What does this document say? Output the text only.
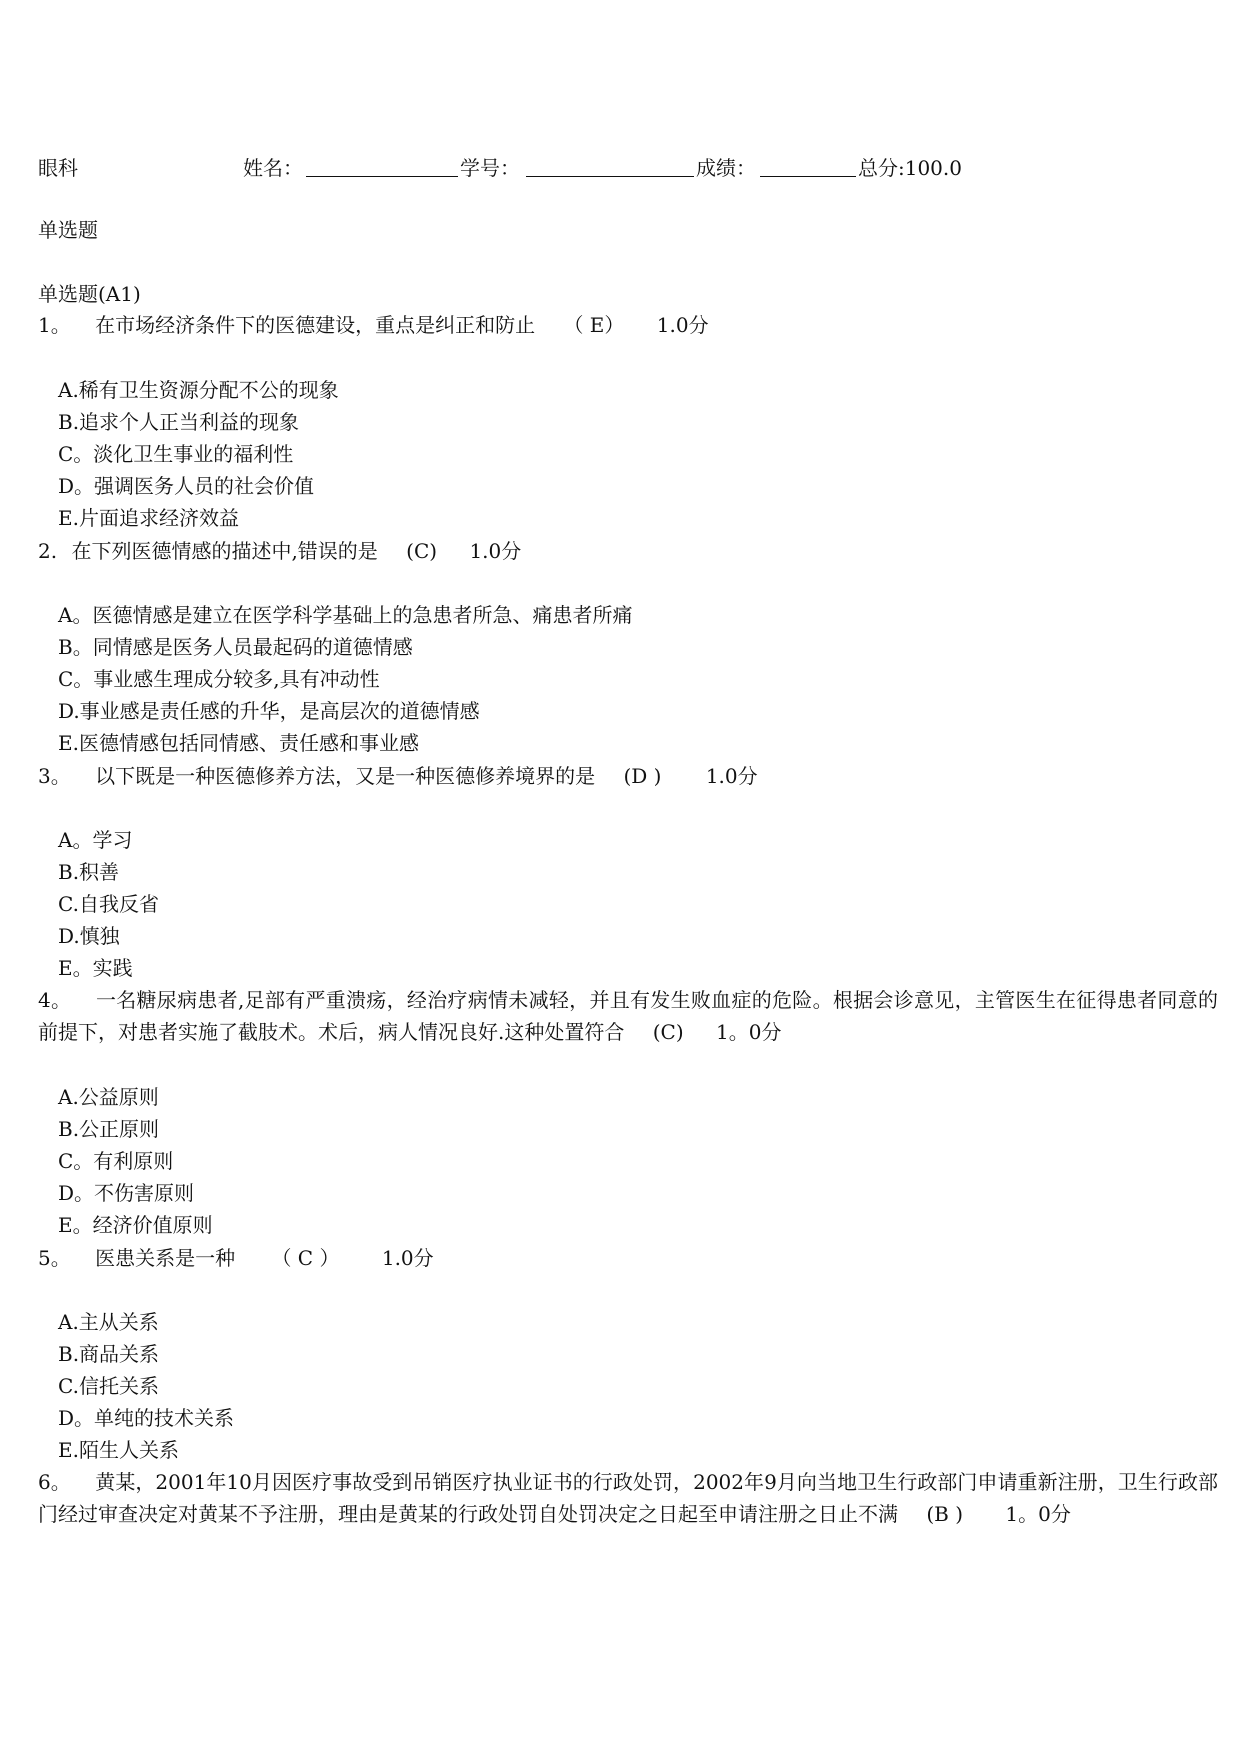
眼科	姓名：	学号：	成绩：	总分:100.0
单选题
单选题(A1)
1。 在市场经济条件下的医德建设，重点是纠正和防止 （ E） 1.0分
A.稀有卫生资源分配不公的现象
B.追求个人正当利益的现象
C。淡化卫生事业的福利性
D。强调医务人员的社会价值
E.片面追求经济效益
2. 在下列医德情感的描述中,错误的是 (C) 1.0分
A。医德情感是建立在医学科学基础上的急患者所急、痛患者所痛
B。同情感是医务人员最起码的道德情感
C。事业感生理成分较多,具有冲动性
D.事业感是责任感的升华，是高层次的道德情感
E.医德情感包括同情感、责任感和事业感
3。 以下既是一种医德修养方法，又是一种医德修养境界的是 (D ) 1.0分
A。学习
B.积善
C.自我反省
D.慎独
E。实践
4。 一名糖尿病患者,足部有严重溃疡，经治疗病情未减轻，并且有发生败血症的危险。根据会诊意见，主管医生在征得患者同意的前提下，对患者实施了截肢术。术后，病人情况良好.这种处置符合 (C) 1。0分
A.公益原则
B.公正原则
C。有利原则
D。不伤害原则
E。经济价值原则
5。 医患关系是一种 （ C ） 1.0分
A.主从关系
B.商品关系
C.信托关系
D。单纯的技术关系
E.陌生人关系
6。 黄某，2001年10月因医疗事故受到吊销医疗执业证书的行政处罚，2002年9月向当地卫生行政部门申请重新注册，卫生行政部门经过审查决定对黄某不予注册，理由是黄某的行政处罚自处罚决定之日起至申请注册之日止不满 (B ) 1。0分
